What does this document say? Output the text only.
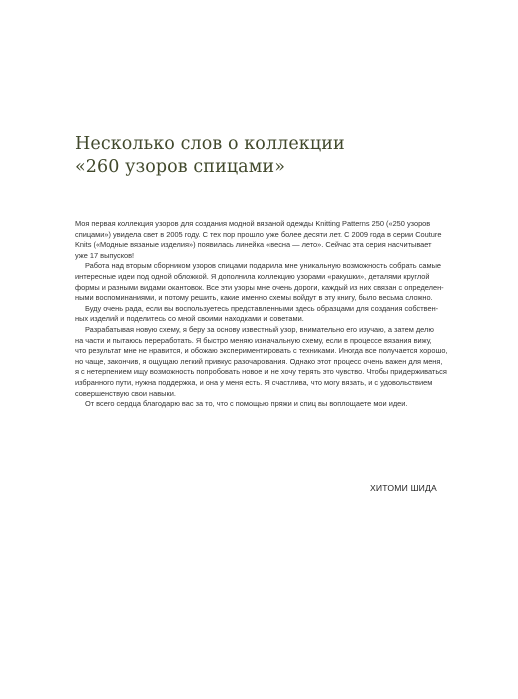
Несколько слов о коллекции
«260 узоров спицами»
Моя первая коллекция узоров для создания модной вязаной одежды Knitting Patterns 250 («250 узоров
спицами») увидела свет в 2005 году. С тех пор прошло уже более десяти лет. С 2009 года в серии Couture
Knits («Модные вязаные изделия») появилась линейка «весна — лето». Сейчас эта серия насчитывает
уже 17 выпусков!
Работа над вторым сборником узоров спицами подарила мне уникальную возможность собрать самые
интересные идеи под одной обложкой. Я дополнила коллекцию узорами «ракушки», деталями круглой
формы и разными видами окантовок. Все эти узоры мне очень дороги, каждый из них связан с определен-
ными воспоминаниями, и потому решить, какие именно схемы войдут в эту книгу, было весьма сложно.
Буду очень рада, если вы воспользуетесь представленными здесь образцами для создания собствен-
ных изделий и поделитесь со мной своими находками и советами.
Разрабатывая новую схему, я беру за основу известный узор, внимательно его изучаю, а затем делю
на части и пытаюсь переработать. Я быстро меняю изначальную схему, если в процессе вязания вижу,
что результат мне не нравится, и обожаю экспериментировать с техниками. Иногда все получается хорошо,
но чаще, закончив, я ощущаю легкий привкус разочарования. Однако этот процесс очень важен для меня,
я с нетерпением ищу возможность попробовать новое и не хочу терять это чувство. Чтобы придерживаться
избранного пути, нужна поддержка, и она у меня есть. Я счастлива, что могу вязать, и с удовольствием
совершенствую свои навыки.
От всего сердца благодарю вас за то, что с помощью пряжи и спиц вы воплощаете мои идеи.
ХИТОМИ ШИДА
